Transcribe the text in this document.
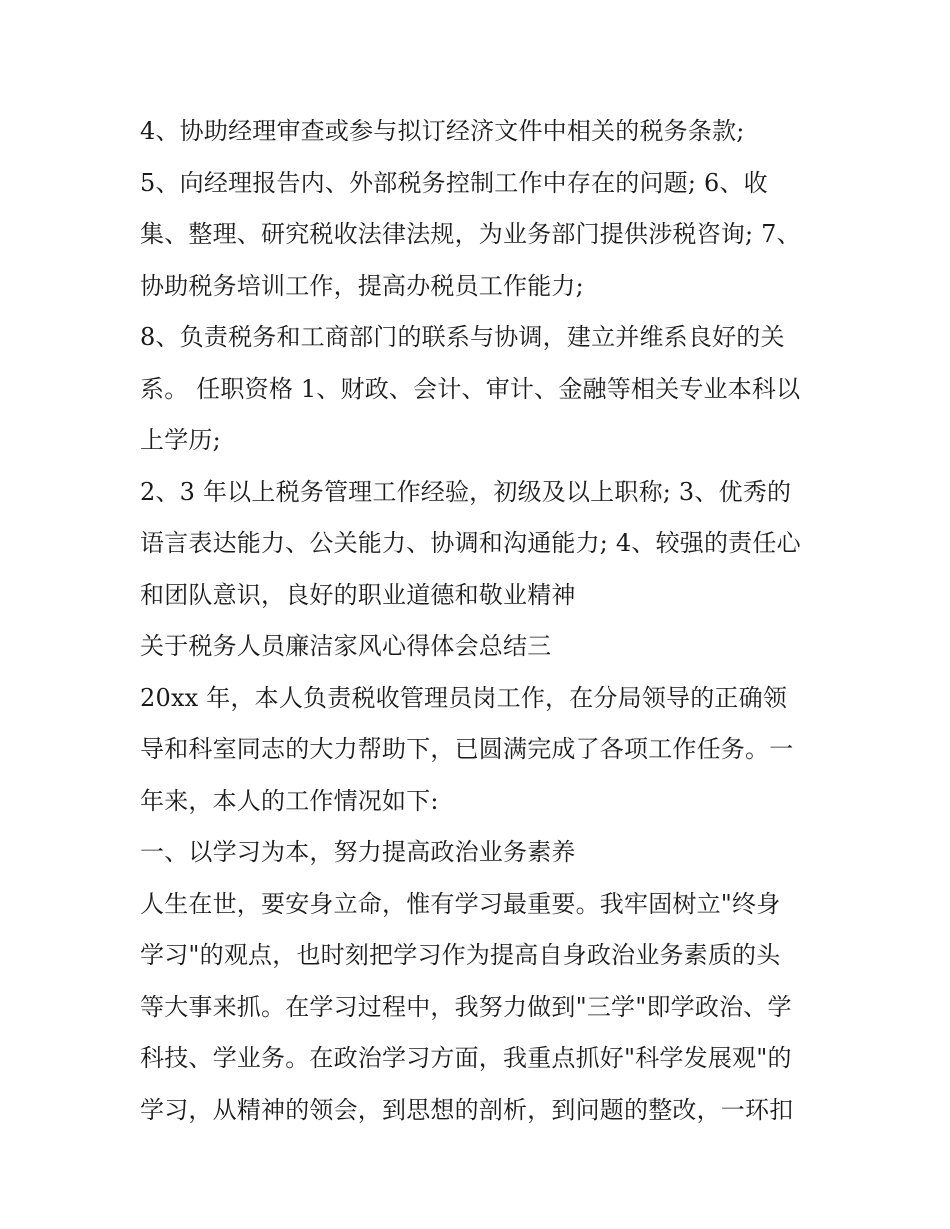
4、协助经理审查或参与拟订经济文件中相关的税务条款;
5、向经理报告内、外部税务控制工作中存在的问题; 6、收
集、整理、研究税收法律法规，为业务部门提供涉税咨询; 7、
协助税务培训工作，提高办税员工作能力;
8、负责税务和工商部门的联系与协调，建立并维系良好的关
系。 任职资格 1、财政、会计、审计、金融等相关专业本科以
上学历;
2、3 年以上税务管理工作经验，初级及以上职称; 3、优秀的
语言表达能力、公关能力、协调和沟通能力; 4、较强的责任心
和团队意识，良好的职业道德和敬业精神
关于税务人员廉洁家风心得体会总结三
20xx 年，本人负责税收管理员岗工作，在分局领导的正确领
导和科室同志的大力帮助下，已圆满完成了各项工作任务。一
年来，本人的工作情况如下:
一、以学习为本，努力提高政治业务素养
人生在世，要安身立命，惟有学习最重要。我牢固树立"终身
学习"的观点，也时刻把学习作为提高自身政治业务素质的头
等大事来抓。在学习过程中，我努力做到"三学"即学政治、学
科技、学业务。在政治学习方面，我重点抓好"科学发展观"的
学习，从精神的领会，到思想的剖析，到问题的整改，一环扣
